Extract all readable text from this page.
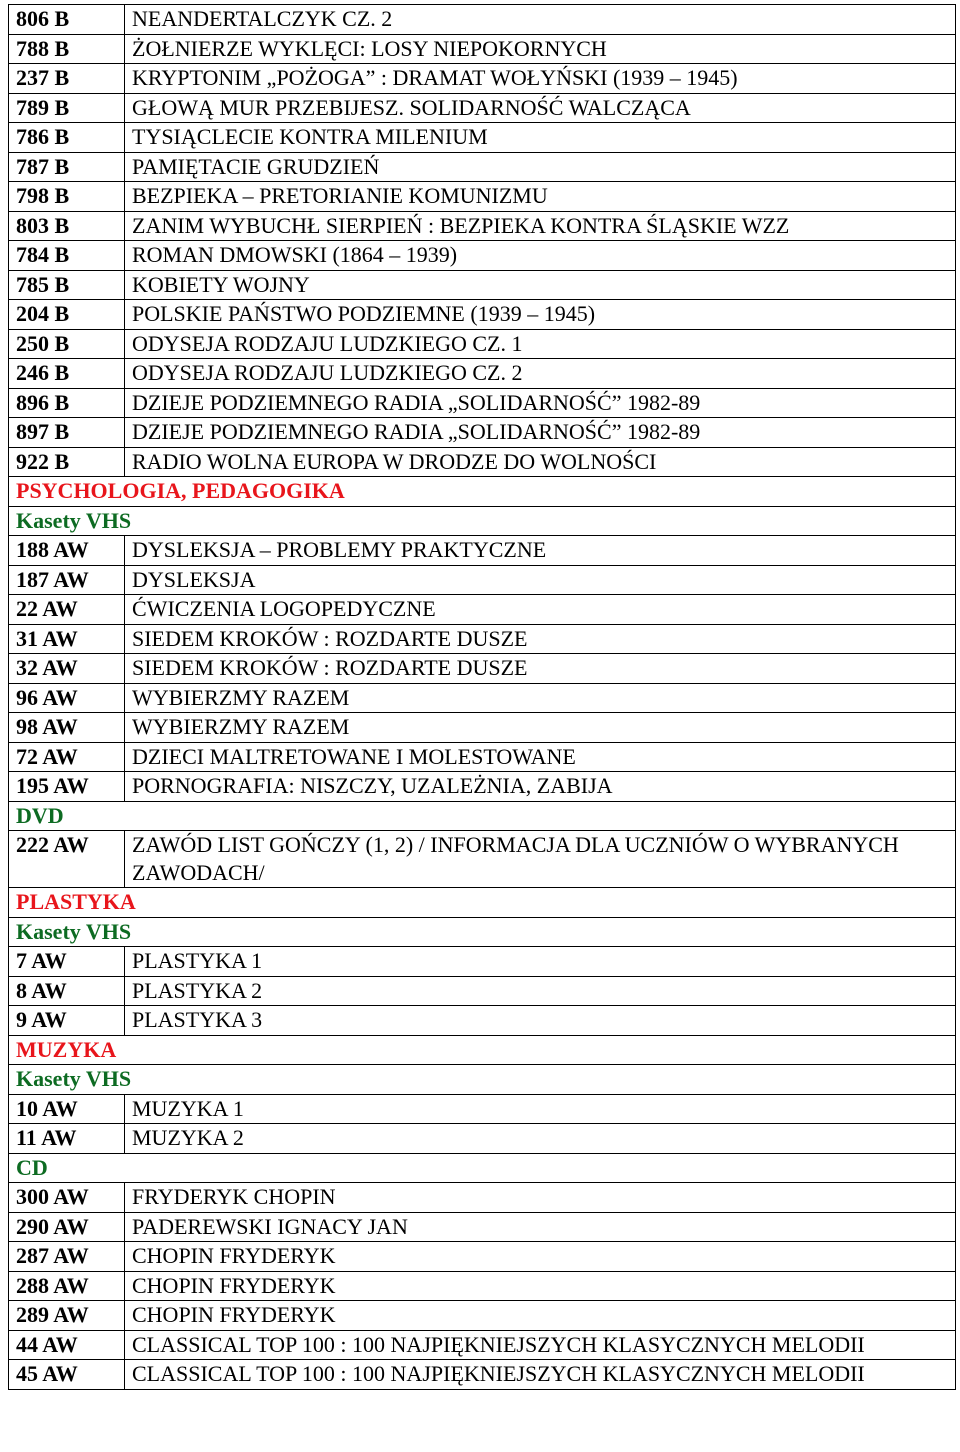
806 B	NEANDERTALCZYK CZ. 2
788 B	ŻOŁNIERZE WYKLĘCI: LOSY NIEPOKORNYCH
237 B	KRYPTONIM „POŻOGA” : DRAMAT WOŁYŃSKI (1939 – 1945)
789 B	GŁOWĄ MUR PRZEBIJESZ. SOLIDARNOŚĆ WALCZĄCA
786 B	TYSIĄCLECIE KONTRA MILENIUM
787 B	PAMIĘTACIE GRUDZIEŃ
798 B	BEZPIEKA – PRETORIANIE KOMUNIZMU
803 B	ZANIM WYBUCHŁ SIERPIEŃ : BEZPIEKA KONTRA ŚLĄSKIE WZZ
784 B	ROMAN DMOWSKI (1864 – 1939)
785 B	KOBIETY WOJNY
204 B	POLSKIE PAŃSTWO PODZIEMNE (1939 – 1945)
250 B	ODYSEJA RODZAJU LUDZKIEGO CZ. 1
246 B	ODYSEJA RODZAJU LUDZKIEGO CZ. 2
896 B	DZIEJE PODZIEMNEGO RADIA „SOLIDARNOŚĆ” 1982-89
897 B	DZIEJE PODZIEMNEGO RADIA „SOLIDARNOŚĆ” 1982-89
922 B	RADIO WOLNA EUROPA W DRODZE DO WOLNOŚCI
PSYCHOLOGIA, PEDAGOGIKA	
Kasety VHS	
188 AW	DYSLEKSJA – PROBLEMY PRAKTYCZNE
187 AW	DYSLEKSJA
22 AW	ĆWICZENIA LOGOPEDYCZNE
31 AW	SIEDEM KROKÓW : ROZDARTE DUSZE
32 AW	SIEDEM KROKÓW : ROZDARTE DUSZE
96 AW	WYBIERZMY RAZEM
98 AW	WYBIERZMY RAZEM
72 AW	DZIECI MALTRETOWANE I MOLESTOWANE
195 AW	PORNOGRAFIA: NISZCZY, UZALEŻNIA, ZABIJA
DVD	
222 AW	ZAWÓD LIST GOŃCZY (1, 2) / INFORMACJA DLA UCZNIÓW O WYBRANYCH ZAWODACH/
PLASTYKA	
Kasety VHS	
7 AW	PLASTYKA 1
8 AW	PLASTYKA 2
9 AW	PLASTYKA 3
MUZYKA	
Kasety VHS	
10 AW	MUZYKA 1
11 AW	MUZYKA 2
CD	
300 AW	FRYDERYK CHOPIN
290 AW	PADEREWSKI IGNACY JAN
287 AW	CHOPIN FRYDERYK
288 AW	CHOPIN FRYDERYK
289 AW	CHOPIN FRYDERYK
44 AW	CLASSICAL TOP 100 : 100 NAJPIĘKNIEJSZYCH KLASYCZNYCH MELODII
45 AW	CLASSICAL TOP 100 : 100 NAJPIĘKNIEJSZYCH KLASYCZNYCH MELODII
